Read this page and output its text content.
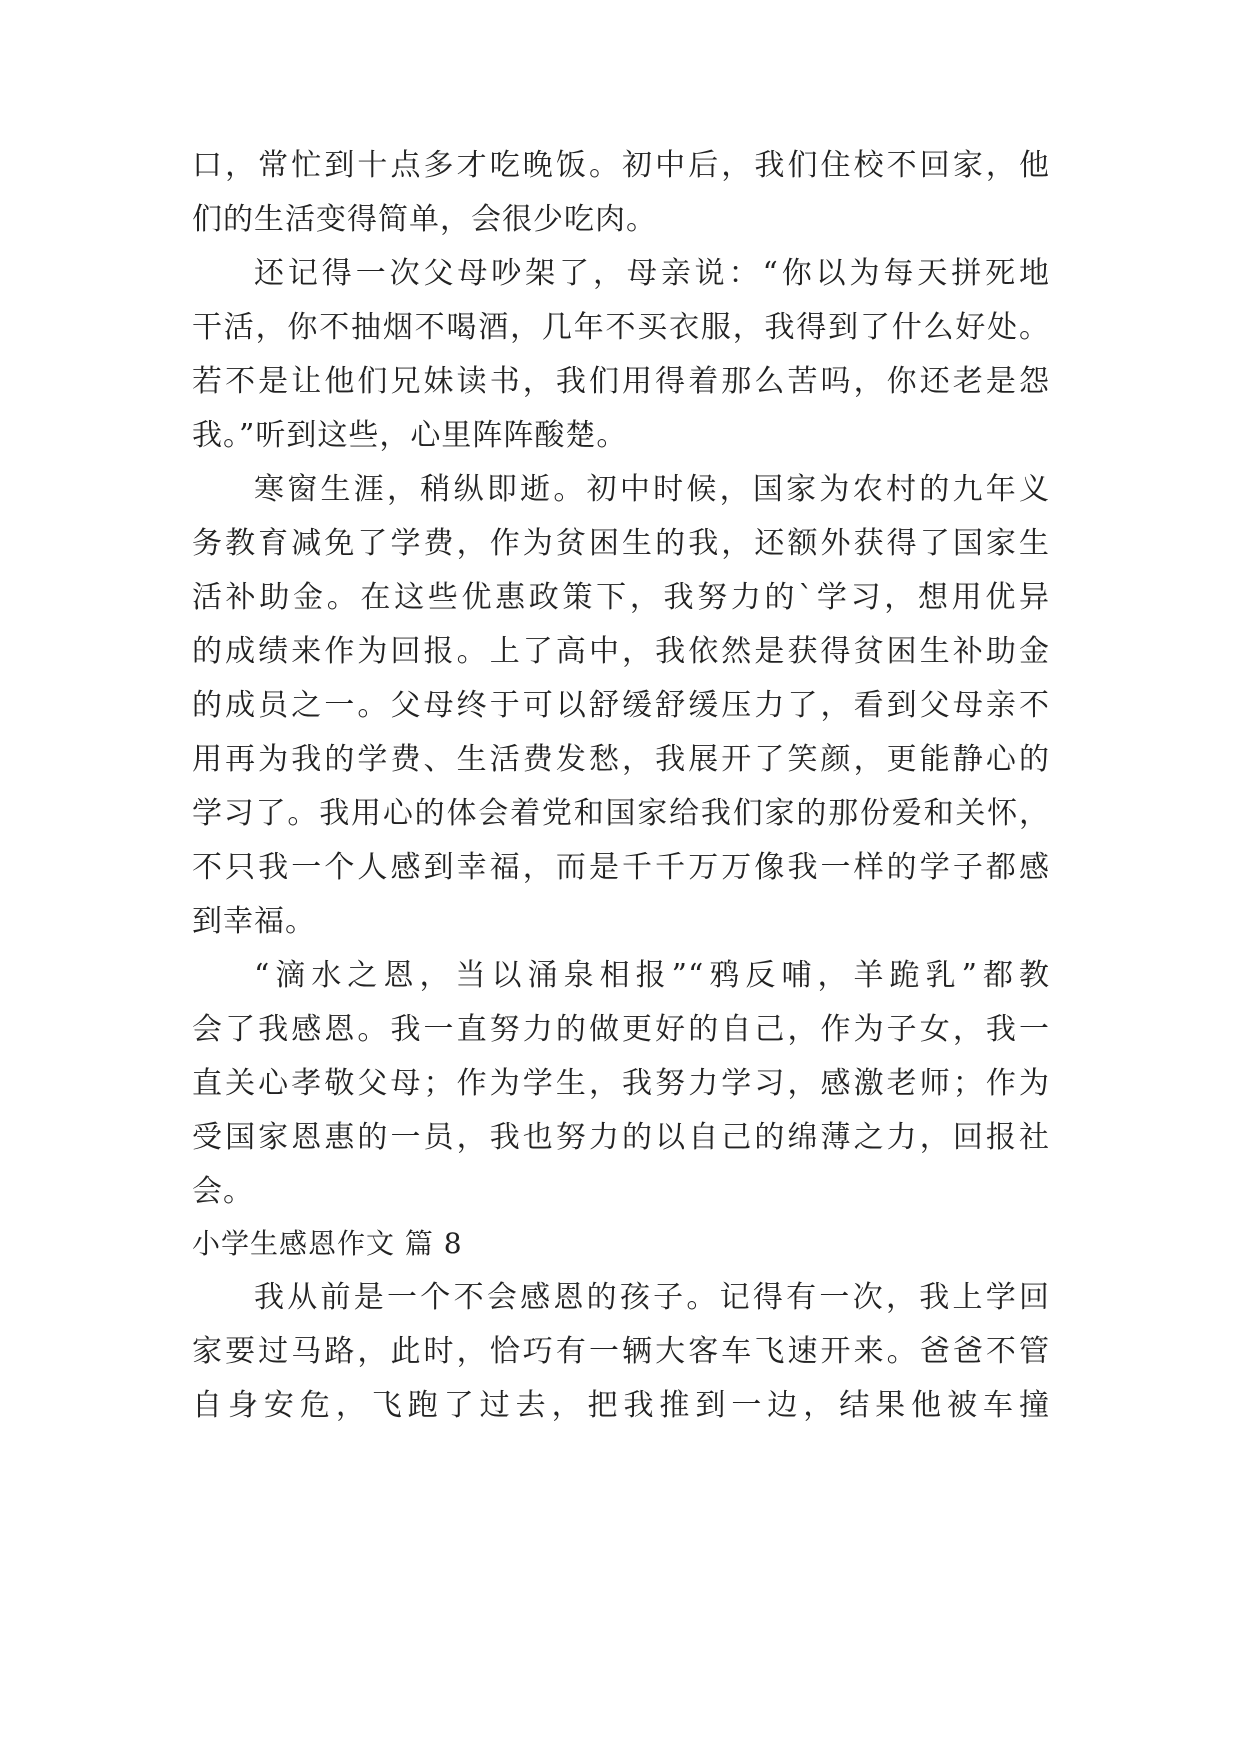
口，常忙到十点多才吃晚饭。初中后，我们住校不回家，他
们的生活变得简单，会很少吃肉。
还记得一次父母吵架了，母亲说：“你以为每天拼死地
干活，你不抽烟不喝酒，几年不买衣服，我得到了什么好处。
若不是让他们兄妹读书，我们用得着那么苦吗，你还老是怨
我。”听到这些，心里阵阵酸楚。
寒窗生涯，稍纵即逝。初中时候，国家为农村的九年义
务教育减免了学费，作为贫困生的我，还额外获得了国家生
活补助金。在这些优惠政策下，我努力的`学习，想用优异
的成绩来作为回报。上了高中，我依然是获得贫困生补助金
的成员之一。父母终于可以舒缓舒缓压力了，看到父母亲不
用再为我的学费、生活费发愁，我展开了笑颜，更能静心的
学习了。我用心的体会着党和国家给我们家的那份爱和关怀，
不只我一个人感到幸福，而是千千万万像我一样的学子都感
到幸福。
“滴水之恩，当以涌泉相报”“鸦反哺，羊跪乳”都教
会了我感恩。我一直努力的做更好的自己，作为子女，我一
直关心孝敬父母；作为学生，我努力学习，感激老师；作为
受国家恩惠的一员，我也努力的以自己的绵薄之力，回报社
会。
小学生感恩作文 篇 8
我从前是一个不会感恩的孩子。记得有一次，我上学回
家要过马路，此时，恰巧有一辆大客车飞速开来。爸爸不管
自身安危，飞跑了过去，把我推到一边，结果他被车撞
